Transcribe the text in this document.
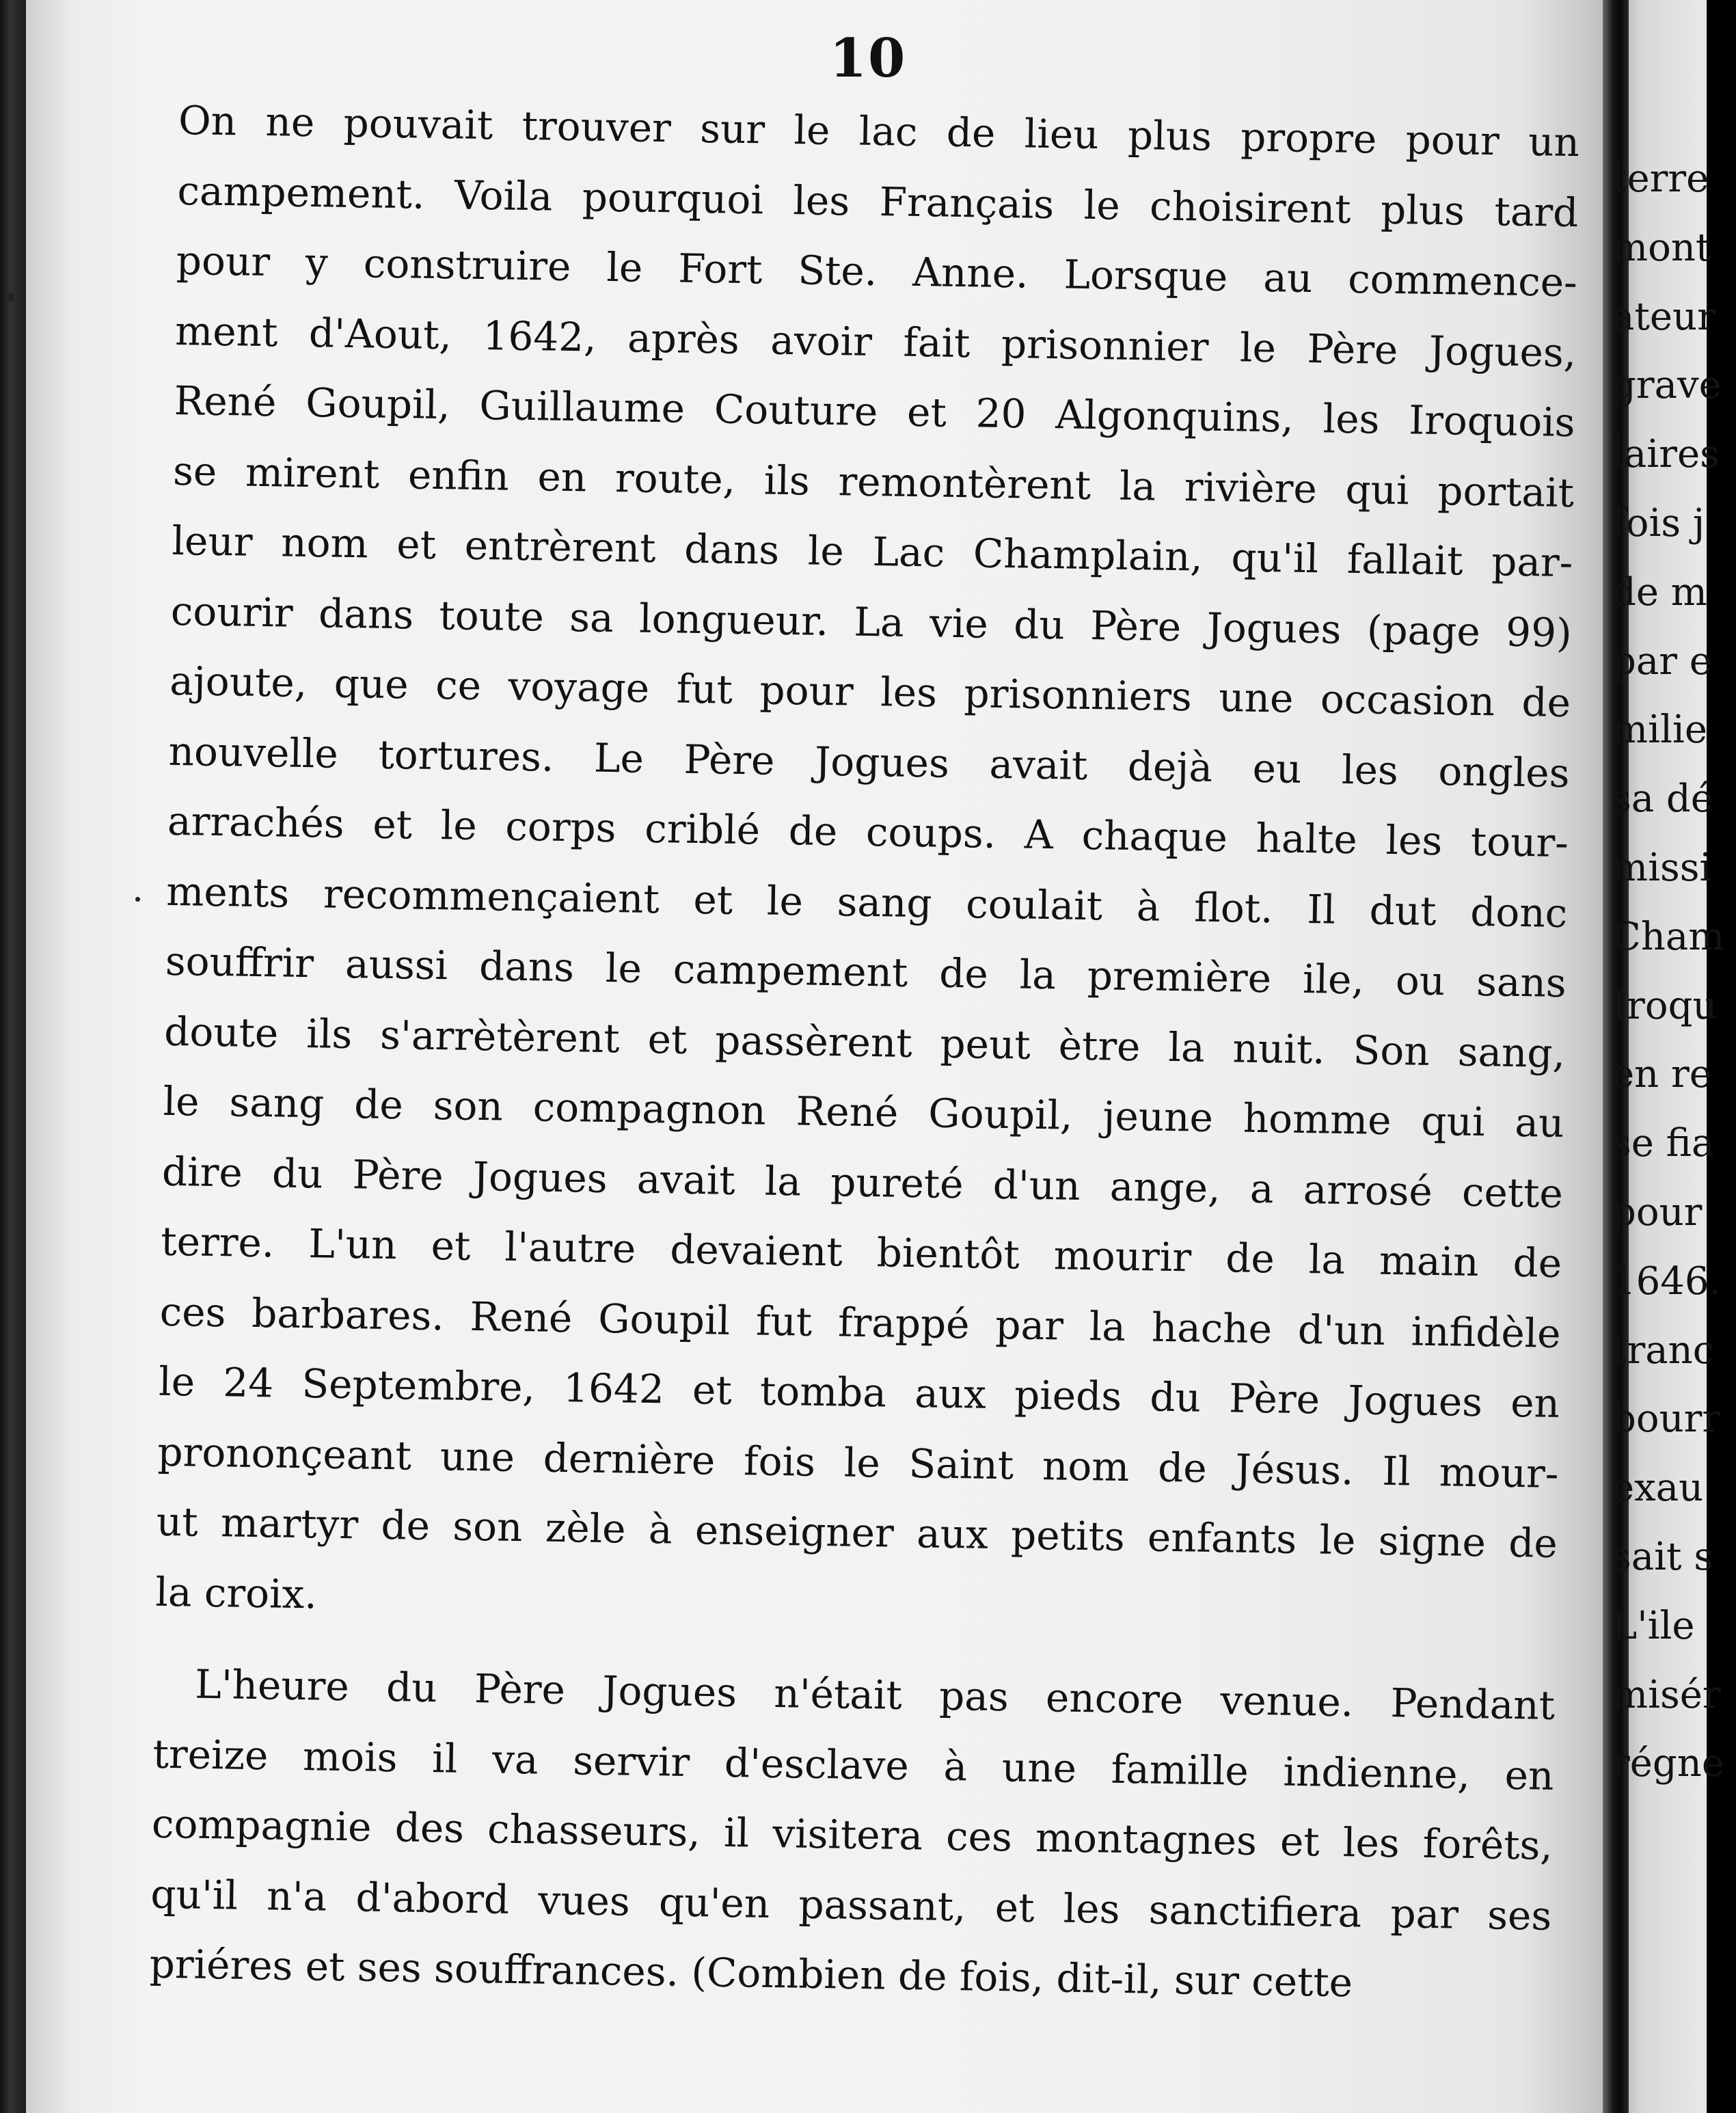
10
On ne pouvait trouver sur le lac de lieu plus propre pour un
campement. Voila pourquoi les Français le choisirent plus tard
pour y construire le Fort Ste. Anne. Lorsque au commence-
ment d'Aout, 1642, après avoir fait prisonnier le Père Jogues,
René Goupil, Guillaume Couture et 20 Algonquins, les Iroquois
se mirent enfin en route, ils remontèrent la rivière qui portait
leur nom et entrèrent dans le Lac Champlain, qu'il fallait par-
courir dans toute sa longueur. La vie du Père Jogues (page 99)
ajoute, que ce voyage fut pour les prisonniers une occasion de
nouvelle tortures. Le Père Jogues avait dejà eu les ongles
arrachés et le corps criblé de coups. A chaque halte les tour-
ments recommençaient et le sang coulait à flot. Il dut donc
souffrir aussi dans le campement de la première ile, ou sans
doute ils s'arrètèrent et passèrent peut ètre la nuit. Son sang,
le sang de son compagnon René Goupil, jeune homme qui au
dire du Père Jogues avait la pureté d'un ange, a arrosé cette
terre. L'un et l'autre devaient bientôt mourir de la main de
ces barbares. René Goupil fut frappé par la hache d'un infidèle
le 24 Septembre, 1642 et tomba aux pieds du Père Jogues en
prononçeant une dernière fois le Saint nom de Jésus. Il mour-
ut martyr de son zèle à enseigner aux petits enfants le signe de
la croix.
L'heure du Père Jogues n'était pas encore venue. Pendant
treize mois il va servir d'esclave à une famille indienne, en
compagnie des chasseurs, il visitera ces montagnes et les forêts,
qu'il n'a d'abord vues qu'en passant, et les sanctifiera par ses
priéres et ses souffrances. (Combien de fois, dit-il, sur cette
terre
mont
ateur
grave
laires
fois j
de m
par e
milie
sa dé
missi
Cham
Iroqu
en re
se fia
pour
1646.
tranc
bourr
exau
sait s
L'ile
misér
régne
